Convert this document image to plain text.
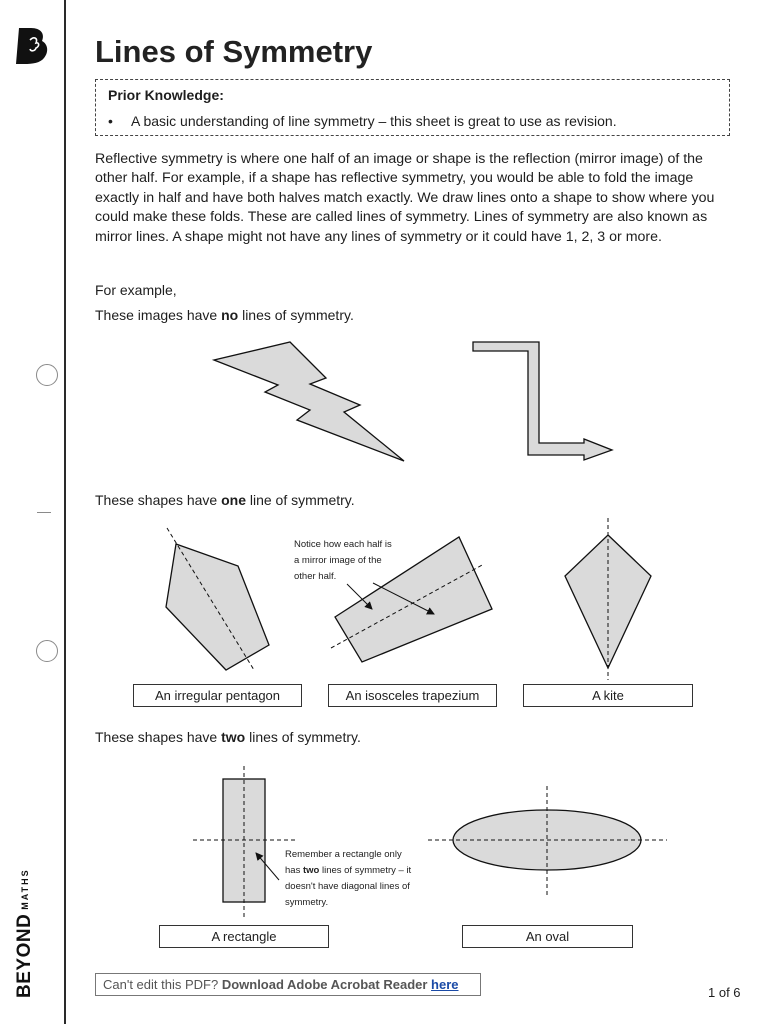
BEYONDMATHS
Lines of Symmetry
Prior Knowledge:
• A basic understanding of line symmetry – this sheet is great to use as revision.
Reflective symmetry is where one half of an image or shape is the reflection (mirror image) of the other half. For example, if a shape has reflective symmetry, you would be able to fold the image exactly in half and have both halves match exactly. We draw lines onto a shape to show where you could make these folds. These are called lines of symmetry. Lines of symmetry are also known as mirror lines. A shape might not have any lines of symmetry or it could have 1, 2, 3 or more.
For example,
These images have no lines of symmetry.
These shapes have one line of symmetry.
These shapes have two lines of symmetry.
Notice how each half is
a mirror image of the
other half.
An irregular pentagon	An isosceles trapezium	A kite
Remember a rectangle only
has two lines of symmetry – it
doesn't have diagonal lines of
symmetry.
A rectangle	An oval
Can't edit this PDF? Download Adobe Acrobat Reader here
1 of 6
